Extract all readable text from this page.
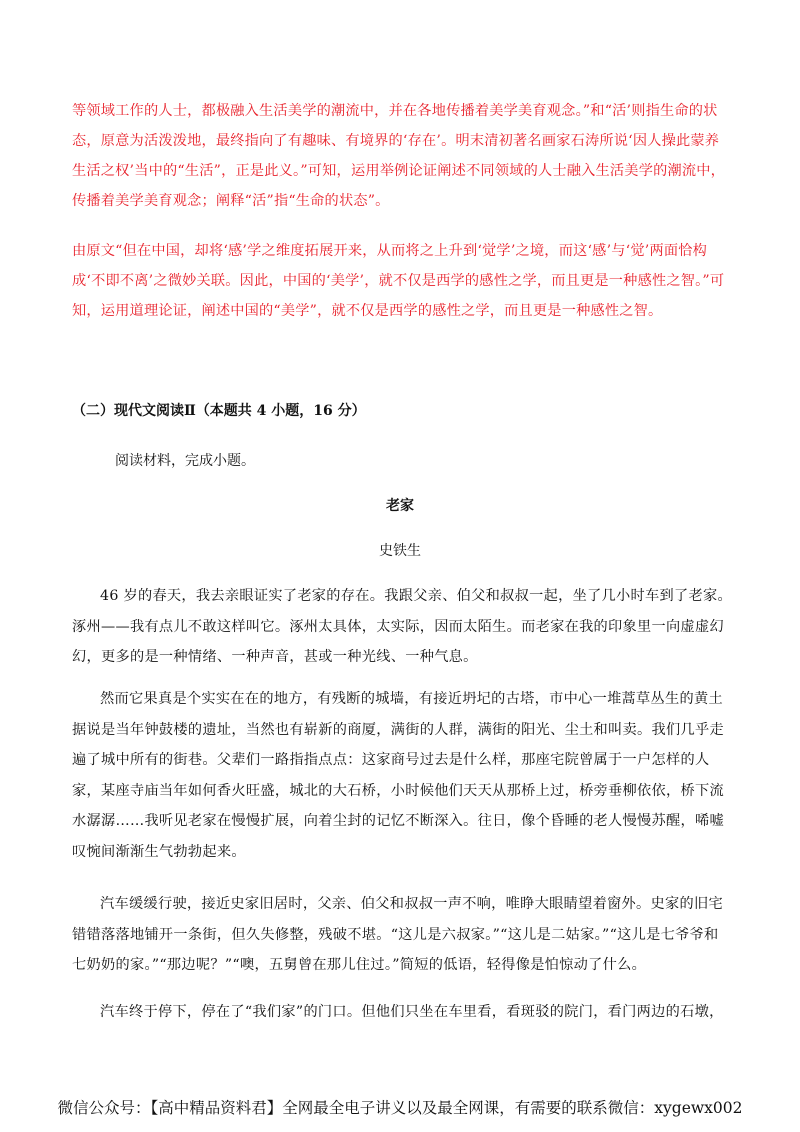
等领域工作的人士，都极融入生活美学的潮流中，并在各地传播着美学美育观念。”和“活’则指生命的状态，原意为活泼泼地，最终指向了有趣味、有境界的‘存在’。明末清初著名画家石涛所说‘因人操此蒙养生活之权’当中的“生活”，正是此义。”可知，运用举例论证阐述不同领域的人士融入生活美学的潮流中，传播着美学美育观念；阐释“活”指“生命的状态”。

由原文“但在中国，却将‘感’学之维度拓展开来，从而将之上升到‘觉学’之境，而这‘感’与‘觉’两面恰构成‘不即不离’之微妙关联。因此，中国的‘美学’，就不仅是西学的感性之学，而且更是一种感性之智。”可知，运用道理论证，阐述中国的“美学”，就不仅是西学的感性之学，而且更是一种感性之智。

（二）现代文阅读Ⅱ（本题共 4 小题，16 分）
阅读材料，完成小题。
老家
史铁生

46 岁的春天，我去亲眼证实了老家的存在。我跟父亲、伯父和叔叔一起，坐了几小时车到了老家。涿州——我有点儿不敢这样叫它。涿州太具体，太实际，因而太陌生。而老家在我的印象里一向虚虚幻幻，更多的是一种情绪、一种声音，甚或一种光线、一种气息。

然而它果真是个实实在在的地方，有残断的城墙，有接近坍圮的古塔，市中心一堆蒿草丛生的黄土据说是当年钟鼓楼的遗址，当然也有崭新的商厦，满街的人群，满街的阳光、尘土和叫卖。我们几乎走遍了城中所有的街巷。父辈们一路指指点点：这家商号过去是什么样，那座宅院曾属于一户怎样的人家，某座寺庙当年如何香火旺盛，城北的大石桥，小时候他们天天从那桥上过，桥旁垂柳依依，桥下流水潺潺……我听见老家在慢慢扩展，向着尘封的记忆不断深入。往日，像个昏睡的老人慢慢苏醒，唏嘘叹惋间渐渐生气勃勃起来。

汽车缓缓行驶，接近史家旧居时，父亲、伯父和叔叔一声不响，唯睁大眼睛望着窗外。史家的旧宅错错落落地铺开一条街，但久失修整，残破不堪。“这儿是六叔家。”“这儿是二姑家。”“这儿是七爷爷和七奶奶的家。”“那边呢？”“噢，五舅曾在那儿住过。”简短的低语，轻得像是怕惊动了什么。

汽车终于停下，停在了“我们家”的门口。但他们只坐在车里看，看斑驳的院门，看门两边的石墩，

微信公众号：【高中精品资料君】全网最全电子讲义以及最全网课，有需要的联系微信：xygewx002
